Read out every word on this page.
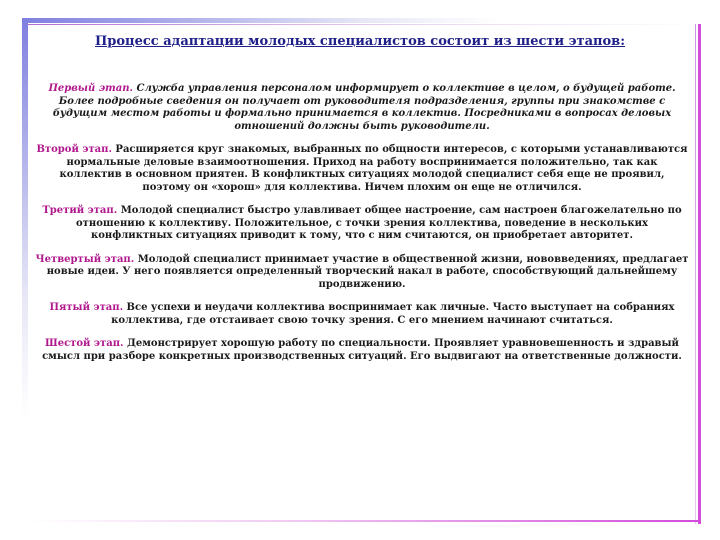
Процесс адаптации молодых специалистов состоит из шести этапов:

Первый этап. Служба управления персоналом информирует о коллективе в целом, о будущей работе. Более подробные сведения он получает от руководителя подразделения, группы при знакомстве с будущим местом работы и формально принимается в коллектив. Посредниками в вопросах деловых отношений должны быть руководители.

Второй этап. Расширяется круг знакомых, выбранных по общности интересов, с которыми устанавливаются нормальные деловые взаимоотношения. Приход на работу воспринимается положительно, так как коллектив в основном приятен. В конфликтных ситуациях молодой специалист себя еще не проявил, поэтому он «хорош» для коллектива. Ничем плохим он еще не отличился.

Третий этап. Молодой специалист быстро улавливает общее настроение, сам настроен благожелательно по отношению к коллективу. Положительное, с точки зрения коллектива, поведение в нескольких конфликтных ситуациях приводит к тому, что с ним считаются, он приобретает авторитет.

Четвертый этап. Молодой специалист принимает участие в общественной жизни, нововведениях, предлагает новые идеи. У него появляется определенный творческий накал в работе, способствующий дальнейшему продвижению.

Пятый этап. Все успехи и неудачи коллектива воспринимает как личные. Часто выступает на собраниях коллектива, где отстаивает свою точку зрения. С его мнением начинают считаться.

Шестой этап. Демонстрирует хорошую работу по специальности. Проявляет уравновешенность и здравый смысл при разборе конкретных производственных ситуаций. Его выдвигают на ответственные должности.
